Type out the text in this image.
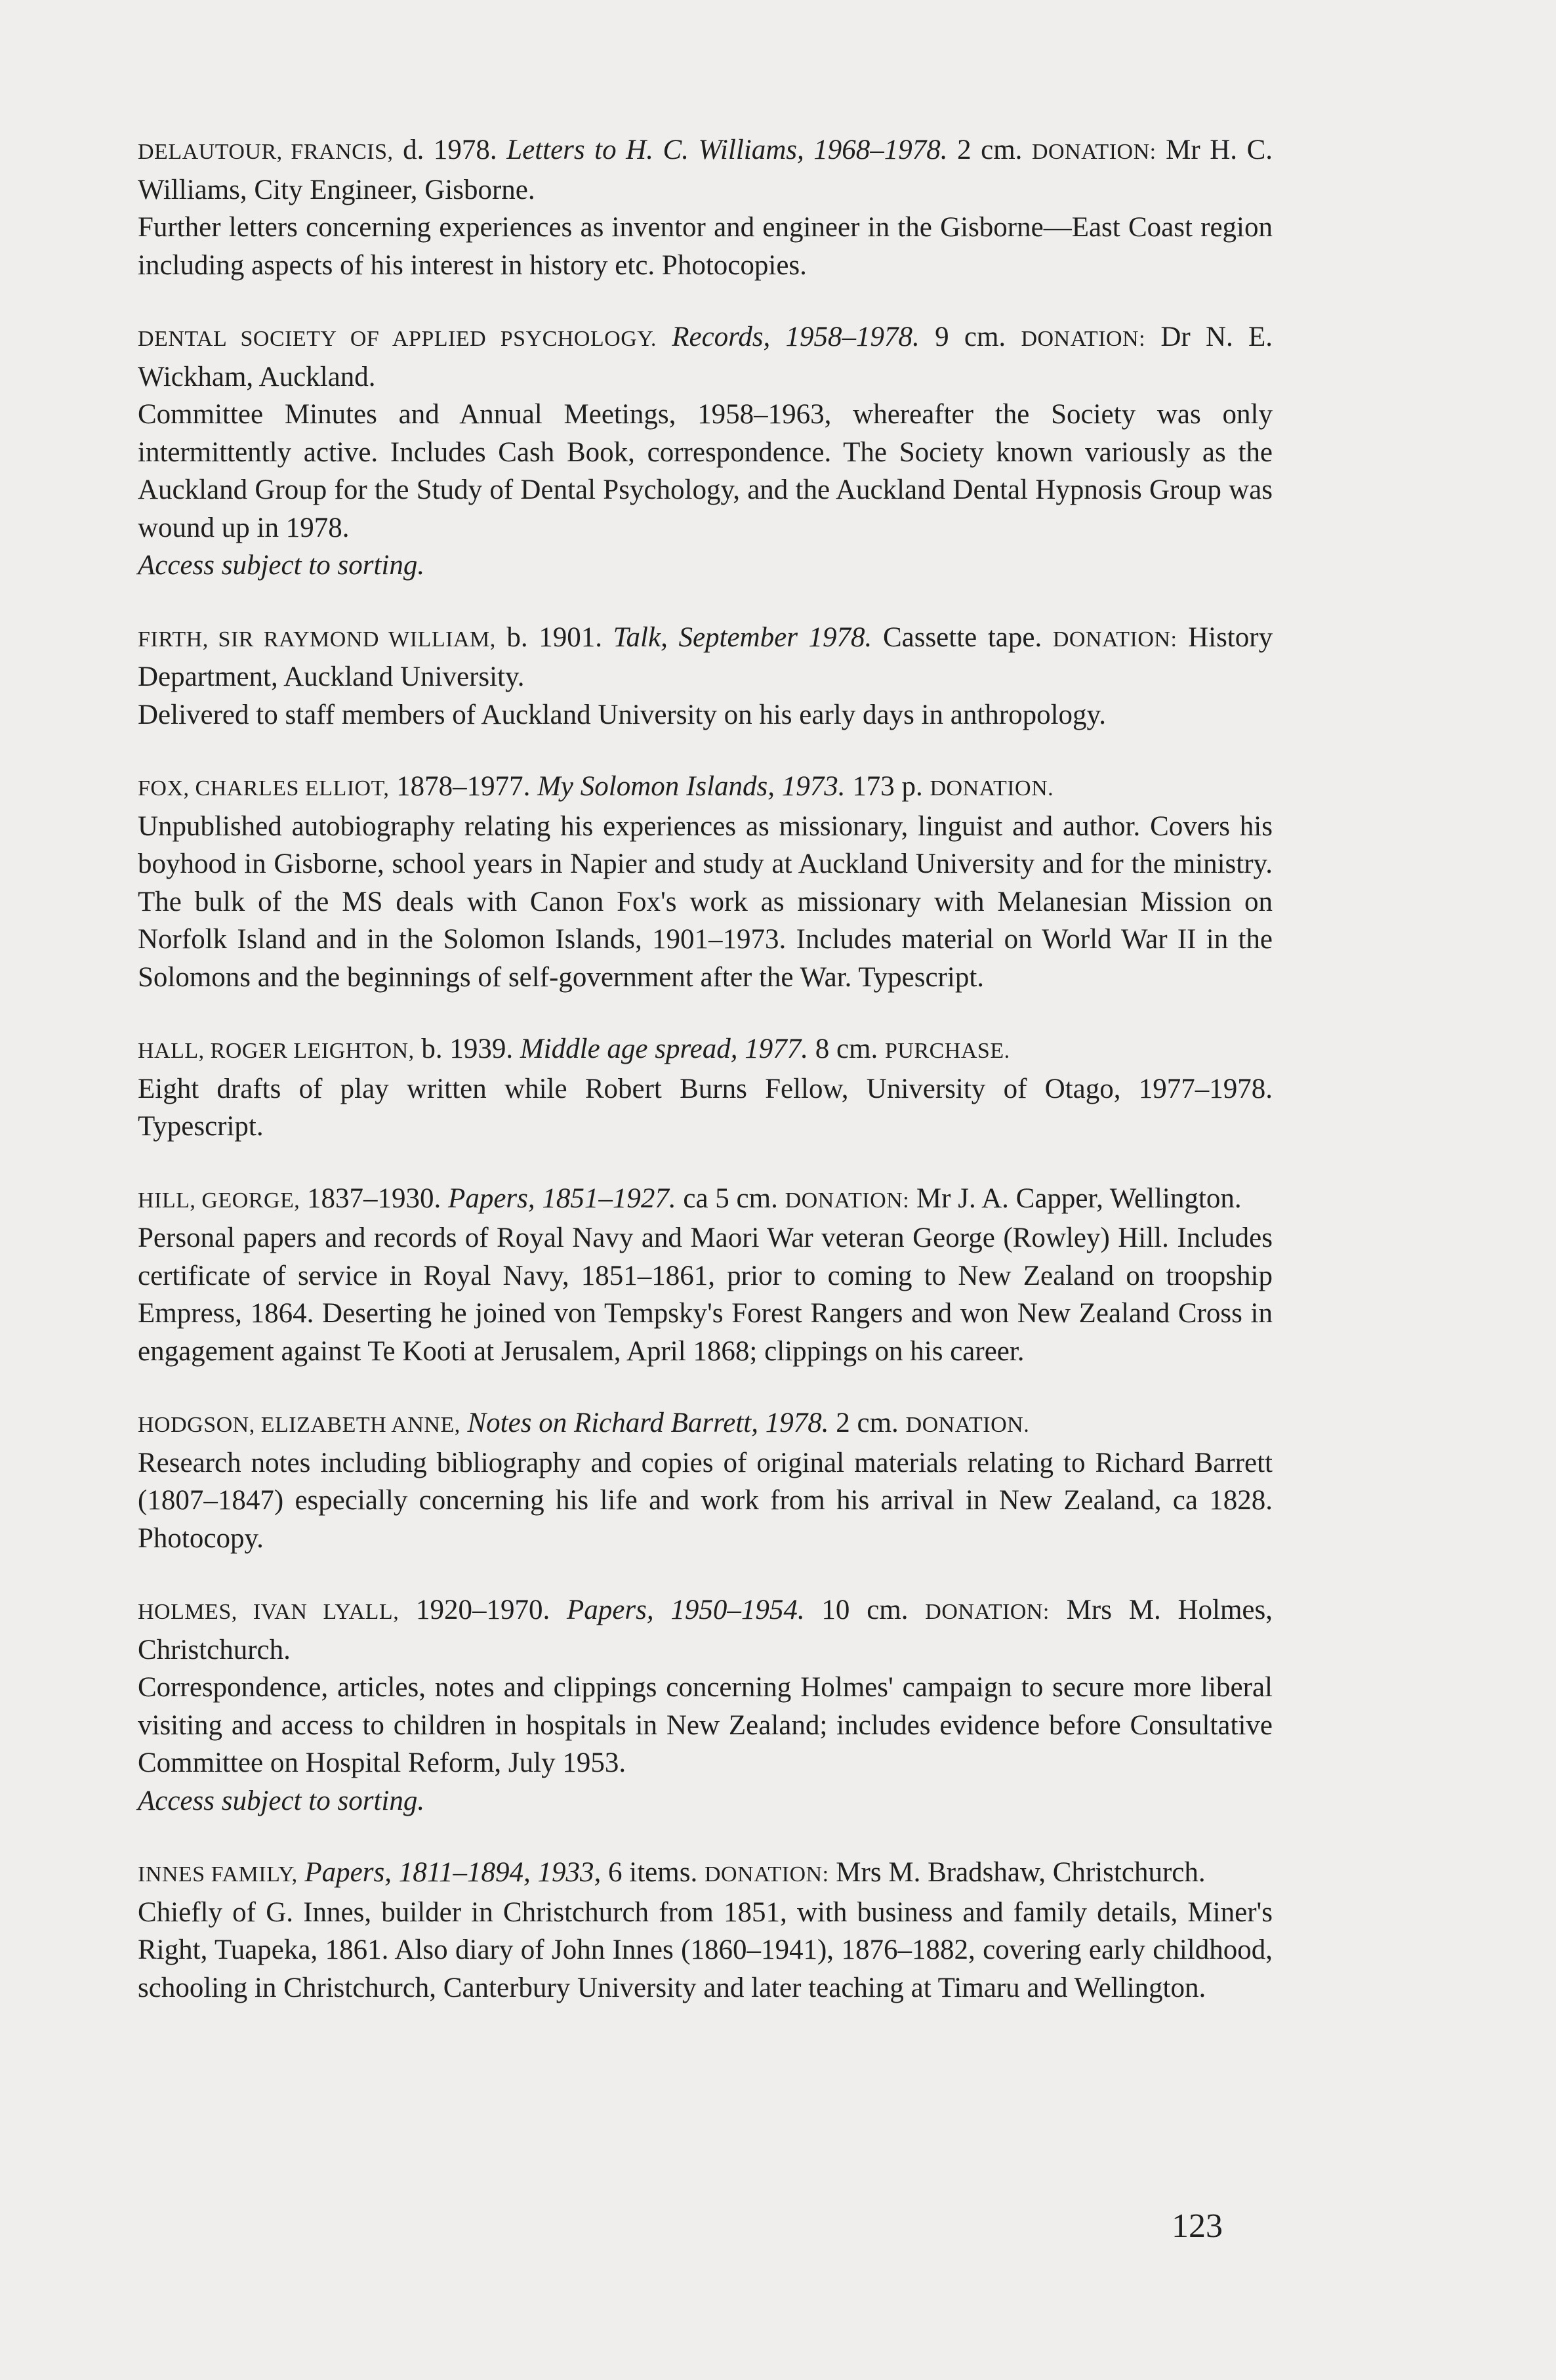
DELAUTOUR, FRANCIS, d. 1978. Letters to H. C. Williams, 1968–1978. 2 cm. DONATION: Mr H. C. Williams, City Engineer, Gisborne.
Further letters concerning experiences as inventor and engineer in the Gisborne—East Coast region including aspects of his interest in history etc. Photocopies.
DENTAL SOCIETY OF APPLIED PSYCHOLOGY. Records, 1958–1978. 9 cm. DONATION: Dr N. E. Wickham, Auckland.
Committee Minutes and Annual Meetings, 1958–1963, whereafter the Society was only intermittently active. Includes Cash Book, correspondence. The Society known variously as the Auckland Group for the Study of Dental Psychology, and the Auckland Dental Hypnosis Group was wound up in 1978.
Access subject to sorting.
FIRTH, SIR RAYMOND WILLIAM, b. 1901. Talk, September 1978. Cassette tape. DONATION: History Department, Auckland University.
Delivered to staff members of Auckland University on his early days in anthropology.
FOX, CHARLES ELLIOT, 1878–1977. My Solomon Islands, 1973. 173 p. DONATION.
Unpublished autobiography relating his experiences as missionary, linguist and author. Covers his boyhood in Gisborne, school years in Napier and study at Auckland University and for the ministry. The bulk of the MS deals with Canon Fox's work as missionary with Melanesian Mission on Norfolk Island and in the Solomon Islands, 1901–1973. Includes material on World War II in the Solomons and the beginnings of self-government after the War. Typescript.
HALL, ROGER LEIGHTON, b. 1939. Middle age spread, 1977. 8 cm. PURCHASE.
Eight drafts of play written while Robert Burns Fellow, University of Otago, 1977–1978. Typescript.
HILL, GEORGE, 1837–1930. Papers, 1851–1927. ca 5 cm. DONATION: Mr J. A. Capper, Wellington.
Personal papers and records of Royal Navy and Maori War veteran George (Rowley) Hill. Includes certificate of service in Royal Navy, 1851–1861, prior to coming to New Zealand on troopship Empress, 1864. Deserting he joined von Tempsky's Forest Rangers and won New Zealand Cross in engagement against Te Kooti at Jerusalem, April 1868; clippings on his career.
HODGSON, ELIZABETH ANNE, Notes on Richard Barrett, 1978. 2 cm. DONATION.
Research notes including bibliography and copies of original materials relating to Richard Barrett (1807–1847) especially concerning his life and work from his arrival in New Zealand, ca 1828. Photocopy.
HOLMES, IVAN LYALL, 1920–1970. Papers, 1950–1954. 10 cm. DONATION: Mrs M. Holmes, Christchurch.
Correspondence, articles, notes and clippings concerning Holmes' campaign to secure more liberal visiting and access to children in hospitals in New Zealand; includes evidence before Consultative Committee on Hospital Reform, July 1953.
Access subject to sorting.
INNES FAMILY, Papers, 1811–1894, 1933, 6 items. DONATION: Mrs M. Bradshaw, Christchurch.
Chiefly of G. Innes, builder in Christchurch from 1851, with business and family details, Miner's Right, Tuapeka, 1861. Also diary of John Innes (1860–1941), 1876–1882, covering early childhood, schooling in Christchurch, Canterbury University and later teaching at Timaru and Wellington.
123
